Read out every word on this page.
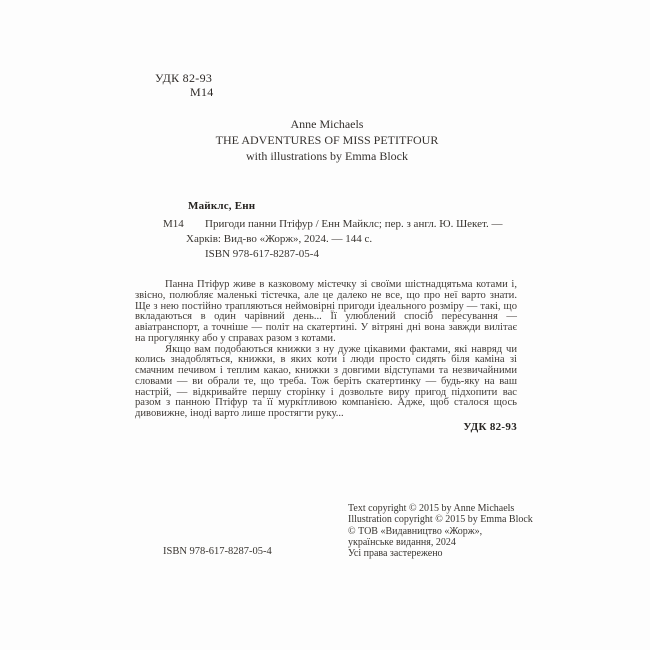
УДК 82-93
М14
Anne Michaels
THE ADVENTURES OF MISS PETITFOUR
with illustrations by Emma Block
Майклс, Енн
М14	Пригоди панни Птіфур / Енн Майклс; пер. з англ. Ю. Шекет. —
Харків: Вид-во «Жорж», 2024. — 144 с.
ISBN 978-617-8287-05-4

Панна Птіфур живе в казковому містечку зі своїми шістнадцятьма котами і, звісно, полюбляє маленькі тістечка, але це далеко не все, що про неї варто знати. Ще з нею постійно трапляються неймовірні пригоди ідеального розміру — такі, що вкладаються в один чарівний день... Її улюблений спосіб пересування — авіатранспорт, а точніше — політ на скатертині. У вітряні дні вона завжди вилітає на прогулянку або у справах разом з котами.

Якщо вам подобаються книжки з ну дуже цікавими фактами, які навряд чи колись знадобляться, книжки, в яких коти і люди просто сидять біля каміна зі смачним печивом і теплим какао, книжки з довгими відступами та незвичайними словами — ви обрали те, що треба. Тож беріть скатертинку — будь-яку на ваш настрій, — відкривайте першу сторінку і дозвольте виру пригод підхопити вас разом з панною Птіфур та її муркітливою компанією. Адже, щоб сталося щось дивовижне, іноді варто лише простягти руку...

УДК 82-93
Text copyright © 2015 by Anne Michaels
Illustration copyright © 2015 by Emma Block
© ТОВ «Видавництво «Жорж»,
українське видання, 2024
Усі права застережено
ISBN 978-617-8287-05-4
